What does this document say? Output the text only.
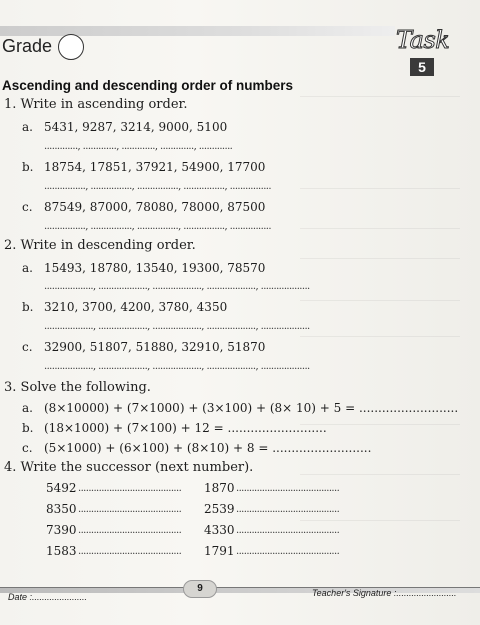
Grade	Task
5
Ascending and descending order of numbers
1. Write in ascending order.
a. 5431, 9287, 3214, 9000, 5100
............., ............., ............., ............., .............
b. 18754, 17851, 37921, 54900, 17700
................, ................, ................, ................, ................
c. 87549, 87000, 78080, 78000, 87500
................, ................, ................, ................, ................
2. Write in descending order.
a. 15493, 18780, 13540, 19300, 78570
..................., ..................., ..................., ..................., ...................
b. 3210, 3700, 4200, 3780, 4350
..................., ..................., ..................., ..................., ...................
c. 32900, 51807, 51880, 32910, 51870
..................., ..................., ..................., ..................., ...................
3. Solve the following.
a. (8×10000) + (7×1000) + (3×100) + (8× 10) + 5 = ..........................
b. (18×1000) + (7×100) + 12 = ..........................
c. (5×1000) + (6×100) + (8×10) + 8 = ..........................
4. Write the successor (next number).
5492 ........................................ 1870 ........................................
8350 ........................................ 2539 ........................................
7390 ........................................ 4330 ........................................
1583 ........................................ 1791 ........................................
9
Date :......................	Teacher's Signature :........................
